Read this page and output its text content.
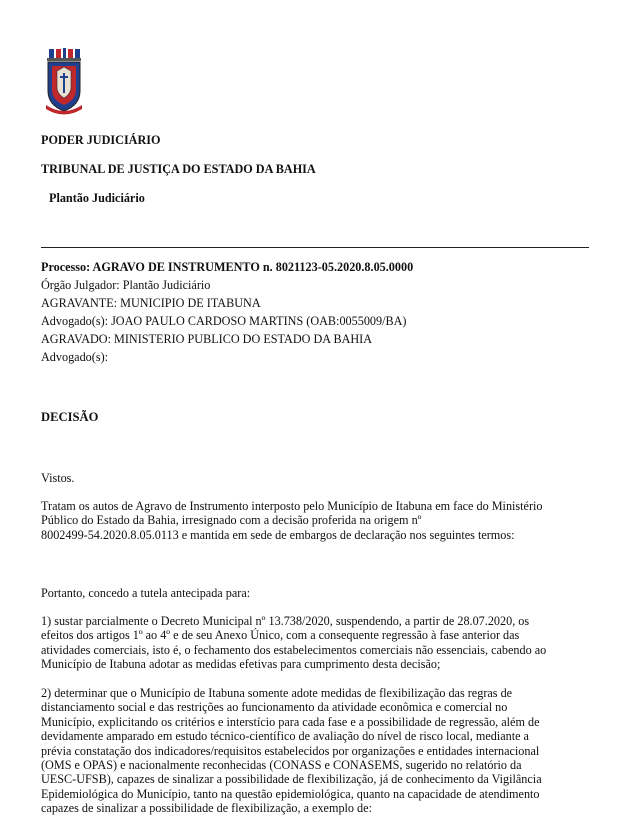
PODER JUDICIÁRIO
TRIBUNAL DE JUSTIÇA DO ESTADO DA BAHIA
Plantão Judiciário
Processo: AGRAVO DE INSTRUMENTO n. 8021123-05.2020.8.05.0000
Órgão Julgador: Plantão Judiciário
AGRAVANTE: MUNICIPIO DE ITABUNA
Advogado(s): JOAO PAULO CARDOSO MARTINS (OAB:0055009/BA)
AGRAVADO: MINISTERIO PUBLICO DO ESTADO DA BAHIA
Advogado(s):
DECISÃO

Vistos.

Tratam os autos de Agravo de Instrumento interposto pelo Município de Itabuna em face do Ministério
Público do Estado da Bahia, irresignado com a decisão proferida na origem nº
8002499-54.2020.8.05.0113 e mantida em sede de embargos de declaração nos seguintes termos:

Portanto, concedo a tutela antecipada para:

1) sustar parcialmente o Decreto Municipal nº 13.738/2020, suspendendo, a partir de 28.07.2020, os
efeitos dos artigos 1º ao 4º e de seu Anexo Único, com a consequente regressão à fase anterior das
atividades comerciais, isto é, o fechamento dos estabelecimentos comerciais não essenciais, cabendo ao
Município de Itabuna adotar as medidas efetivas para cumprimento desta decisão;

2) determinar que o Município de Itabuna somente adote medidas de flexibilização das regras de
distanciamento social e das restrições ao funcionamento da atividade econômica e comercial no
Município, explicitando os critérios e interstício para cada fase e a possibilidade de regressão, além de
devidamente amparado em estudo técnico-científico de avaliação do nível de risco local, mediante a
prévia constatação dos indicadores/requisitos estabelecidos por organizações e entidades internacional
(OMS e OPAS) e nacionalmente reconhecidas (CONASS e CONASEMS, sugerido no relatório da
UESC-UFSB), capazes de sinalizar a possibilidade de flexibilização, já de conhecimento da Vigilância
Epidemiológica do Município, tanto na questão epidemiológica, quanto na capacidade de atendimento
capazes de sinalizar a possibilidade de flexibilização, a exemplo de:
